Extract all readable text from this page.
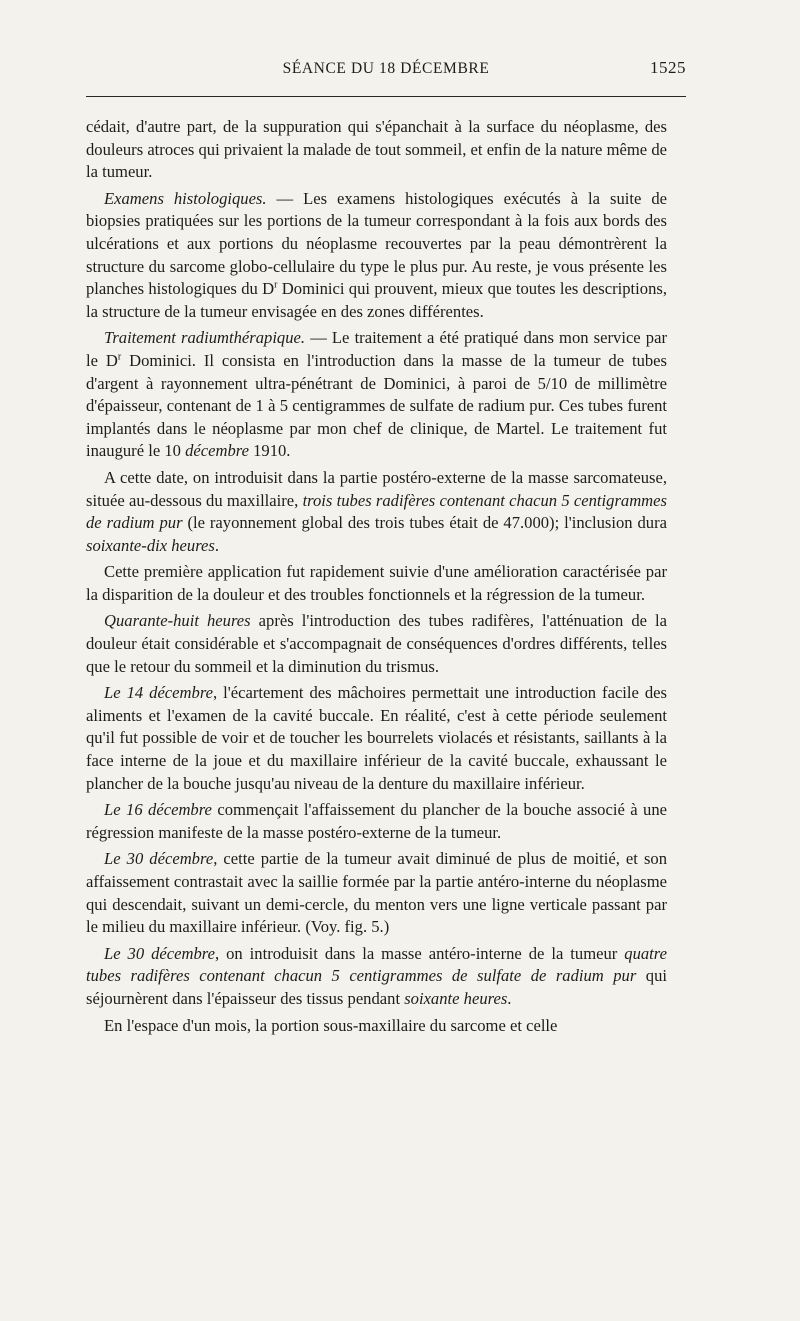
SÉANCE DU 18 DÉCEMBRE	1525

cédait, d'autre part, de la suppuration qui s'épanchait à la surface du néoplasme, des douleurs atroces qui privaient la malade de tout sommeil, et enfin de la nature même de la tumeur.

Examens histologiques. — Les examens histologiques exécutés à la suite de biopsies pratiquées sur les portions de la tumeur correspondant à la fois aux bords des ulcérations et aux portions du néoplasme recouvertes par la peau démontrèrent la structure du sarcome globo-cellulaire du type le plus pur. Au reste, je vous présente les planches histologiques du $D^r$ Dominici qui prouvent, mieux que toutes les descriptions, la structure de la tumeur envisagée en des zones différentes.

Traitement radiumthérapique. — Le traitement a été pratiqué dans mon service par le $D^r$ Dominici. Il consista en l'introduction dans la masse de la tumeur de tubes d'argent à rayonnement ultra-pénétrant de Dominici, à paroi de 5/10 de millimètre d'épaisseur, contenant de 1 à 5 centigrammes de sulfate de radium pur. Ces tubes furent implantés dans le néoplasme par mon chef de clinique, de Martel. Le traitement fut inauguré le 10 décembre 1910.

A cette date, on introduisit dans la partie postéro-externe de la masse sarcomateuse, située au-dessous du maxillaire, trois tubes radifères contenant chacun 5 centigrammes de radium pur (le rayonnement global des trois tubes était de 47.000); l'inclusion dura soixante-dix heures.

Cette première application fut rapidement suivie d'une amélioration caractérisée par la disparition de la douleur et des troubles fonctionnels et la régression de la tumeur.

Quarante-huit heures après l'introduction des tubes radifères, l'atténuation de la douleur était considérable et s'accompagnait de conséquences d'ordres différents, telles que le retour du sommeil et la diminution du trismus.

Le 14 décembre, l'écartement des mâchoires permettait une introduction facile des aliments et l'examen de la cavité buccale. En réalité, c'est à cette période seulement qu'il fut possible de voir et de toucher les bourrelets violacés et résistants, saillants à la face interne de la joue et du maxillaire inférieur de la cavité buccale, exhaussant le plancher de la bouche jusqu'au niveau de la denture du maxillaire inférieur.

Le 16 décembre commençait l'affaissement du plancher de la bouche associé à une régression manifeste de la masse postéro-externe de la tumeur.

Le 30 décembre, cette partie de la tumeur avait diminué de plus de moitié, et son affaissement contrastait avec la saillie formée par la partie antéro-interne du néoplasme qui descendait, suivant un demi-cercle, du menton vers une ligne verticale passant par le milieu du maxillaire inférieur. (Voy. fig. 5.)

Le 30 décembre, on introduisit dans la masse antéro-interne de la tumeur quatre tubes radifères contenant chacun 5 centigrammes de sulfate de radium pur qui séjournèrent dans l'épaisseur des tissus pendant soixante heures.

En l'espace d'un mois, la portion sous-maxillaire du sarcome et celle
